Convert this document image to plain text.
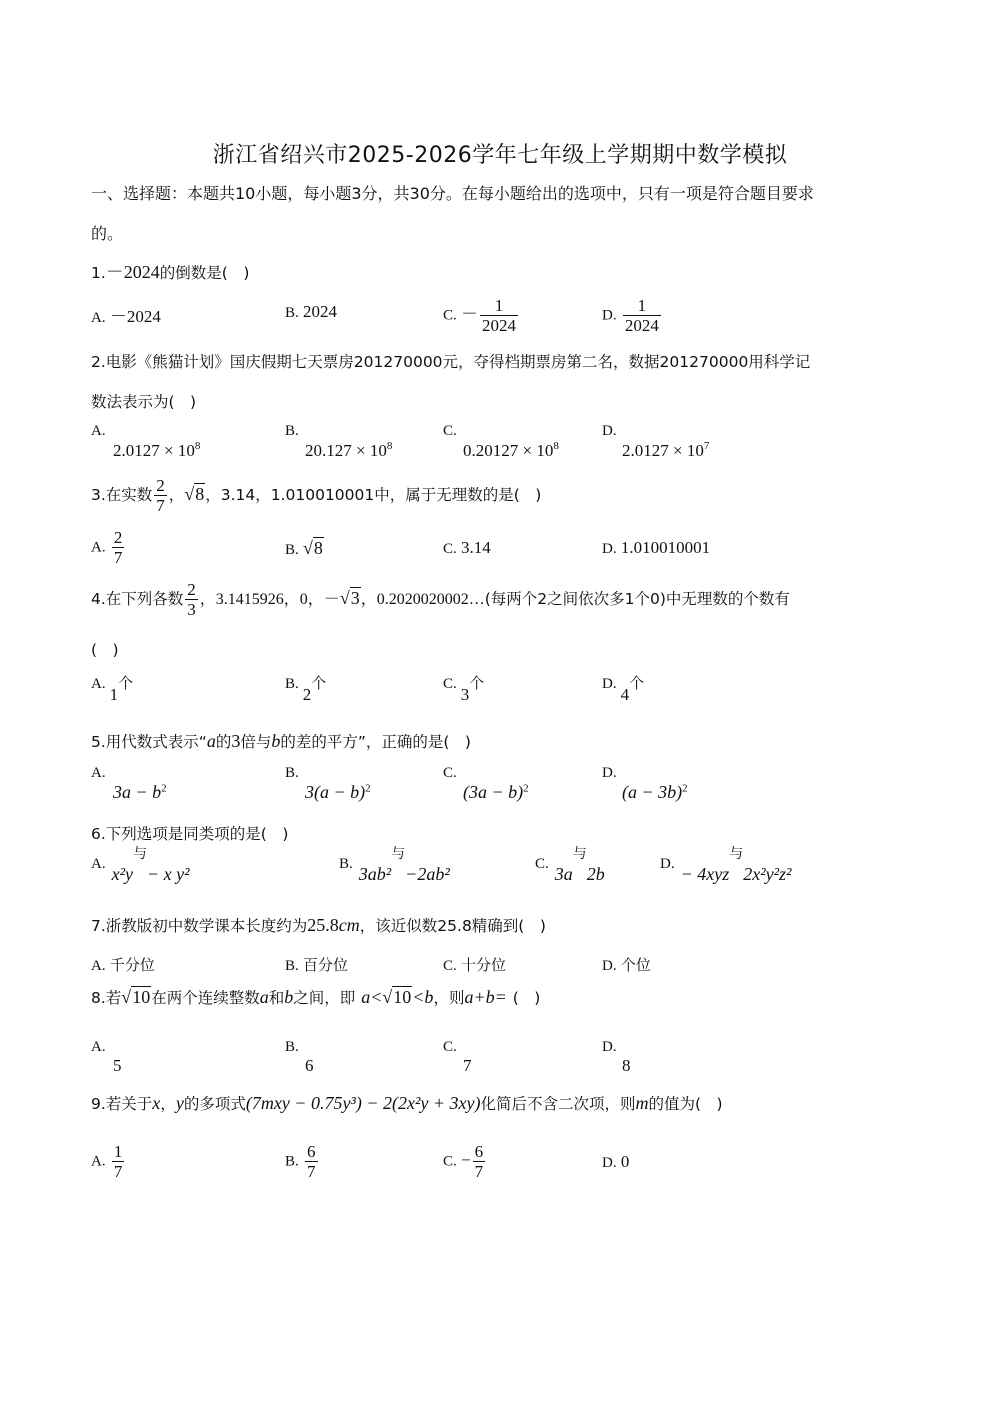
浙江省绍兴市2025-2026学年七年级上学期期中数学模拟
一、选择题：本题共10小题，每小题3分，共30分。在每小题给出的选项中，只有一项是符合题目要求
的。
1.－2024的倒数是(　)
A. －2024	B. 2024	C. － $\frac{1}{2024}$	D. $\frac{1}{2024}$
2.电影《熊猫计划》国庆假期七天票房201270000元，夺得档期票房第二名，数据201270000用科学记
数法表示为(　)
A.
$2.0127 \times 10^8$
B.
$20.127 \times 10^8$
C.
$0.20127 \times 10^8$
D.
$2.0127 \times 10^7$
3.在实数 $\frac{2}{7}$ ，√8，3.14，1.010010001中，属于无理数的是(　)
A. $\frac{2}{7}$	B. √8	C. 3.14	D. 1.010010001
4.在下列各数 $\frac{2}{3}$ ，3.1415926，0，－√3，0.2020020002…(每两个2之间依次多1个0)中无理数的个数有
(　)
A.1个	B.2个	C.3个	D.4个
5.用代数式表示“a的3倍与b的差的平方”，正确的是(　)
A.
$3a - b^2$
B.
$3(a - b)^2$
C.
$(3a - b)^2$
D.
$(a - 3b)^2$
6.下列选项是同类项的是(　)
A. $x^2y^与- x$ y²	B. 3ab²$^与$−2ab²	C. $3a^与2b$	D. − 4xyz$^与$2x²y²z²
7.浙教版初中数学课本长度约为25.8cm，该近似数25.8精确到(　)
A. 千分位	B. 百分位	C. 十分位	D. 个位
8.若√10在两个连续整数a和b之间，即 a<√10<b，则a+b= (　)
A.
5
B.
6
C.
7
D.
8
9.若关于x，y的多项式(7mxy − 0.75y³) − 2(2x²y + 3xy)化简后不含二次项，则m的值为(　)
A. $\frac{1}{7}$	B. $\frac{6}{7}$	C. − $\frac{6}{7}$	D. 0
